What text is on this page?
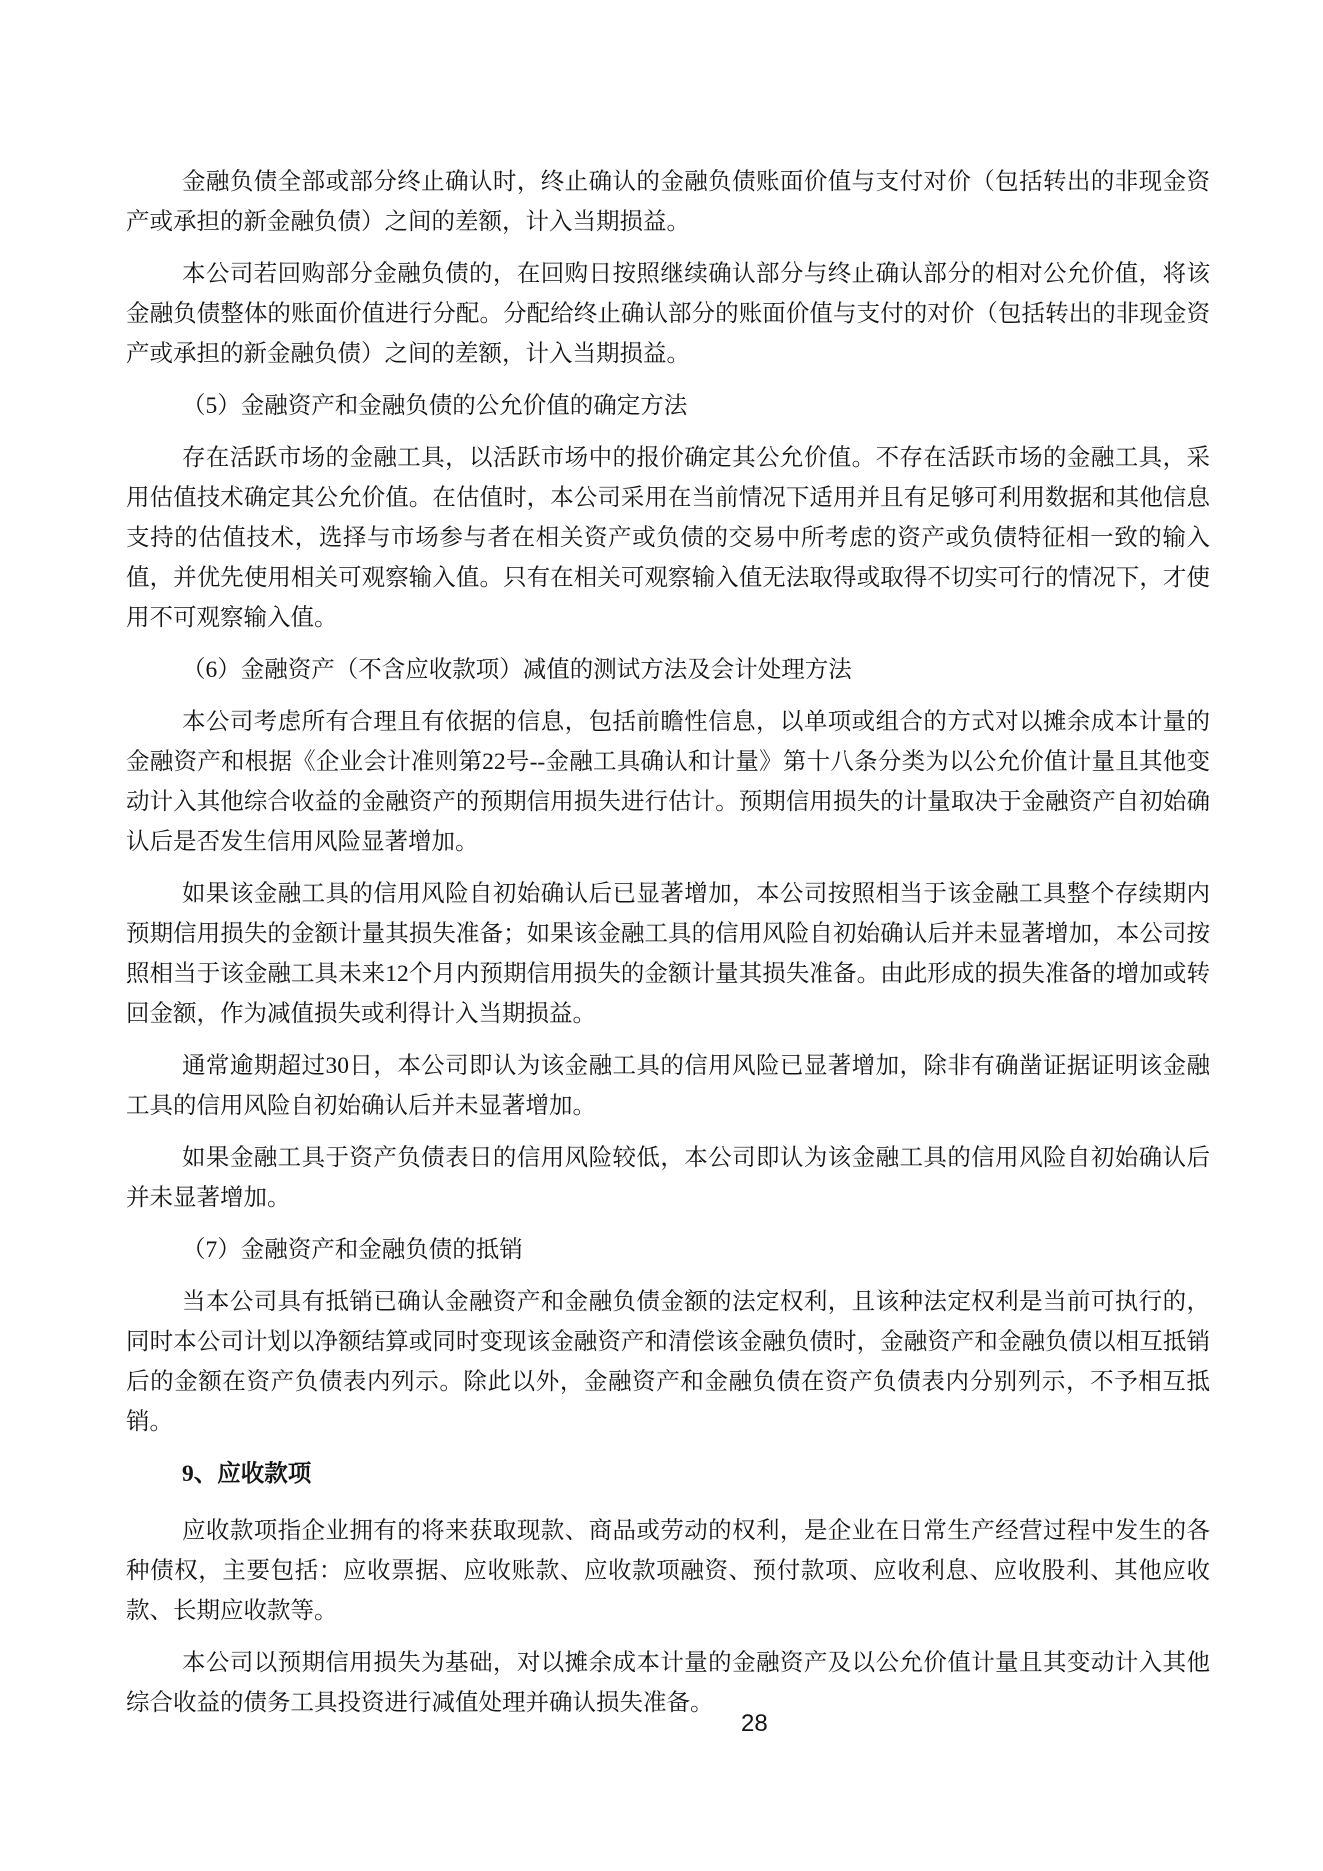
金融负债全部或部分终止确认时，终止确认的金融负债账面价值与支付对价（包括转出的非现金资产或承担的新金融负债）之间的差额，计入当期损益。

本公司若回购部分金融负债的，在回购日按照继续确认部分与终止确认部分的相对公允价值，将该金融负债整体的账面价值进行分配。分配给终止确认部分的账面价值与支付的对价（包括转出的非现金资产或承担的新金融负债）之间的差额，计入当期损益。

（5）金融资产和金融负债的公允价值的确定方法

存在活跃市场的金融工具，以活跃市场中的报价确定其公允价值。不存在活跃市场的金融工具，采用估值技术确定其公允价值。在估值时，本公司采用在当前情况下适用并且有足够可利用数据和其他信息支持的估值技术，选择与市场参与者在相关资产或负债的交易中所考虑的资产或负债特征相一致的输入值，并优先使用相关可观察输入值。只有在相关可观察输入值无法取得或取得不切实可行的情况下，才使用不可观察输入值。

（6）金融资产（不含应收款项）减值的测试方法及会计处理方法

本公司考虑所有合理且有依据的信息，包括前瞻性信息，以单项或组合的方式对以摊余成本计量的金融资产和根据《企业会计准则第22号--金融工具确认和计量》第十八条分类为以公允价值计量且其他变动计入其他综合收益的金融资产的预期信用损失进行估计。预期信用损失的计量取决于金融资产自初始确认后是否发生信用风险显著增加。

如果该金融工具的信用风险自初始确认后已显著增加，本公司按照相当于该金融工具整个存续期内预期信用损失的金额计量其损失准备；如果该金融工具的信用风险自初始确认后并未显著增加，本公司按照相当于该金融工具未来12个月内预期信用损失的金额计量其损失准备。由此形成的损失准备的增加或转回金额，作为减值损失或利得计入当期损益。

通常逾期超过30日，本公司即认为该金融工具的信用风险已显著增加，除非有确凿证据证明该金融工具的信用风险自初始确认后并未显著增加。

如果金融工具于资产负债表日的信用风险较低，本公司即认为该金融工具的信用风险自初始确认后并未显著增加。

（7）金融资产和金融负债的抵销

当本公司具有抵销已确认金融资产和金融负债金额的法定权利，且该种法定权利是当前可执行的，同时本公司计划以净额结算或同时变现该金融资产和清偿该金融负债时，金融资产和金融负债以相互抵销后的金额在资产负债表内列示。除此以外，金融资产和金融负债在资产负债表内分别列示，不予相互抵销。

9、应收款项

应收款项指企业拥有的将来获取现款、商品或劳动的权利，是企业在日常生产经营过程中发生的各种债权，主要包括：应收票据、应收账款、应收款项融资、预付款项、应收利息、应收股利、其他应收款、长期应收款等。

本公司以预期信用损失为基础，对以摊余成本计量的金融资产及以公允价值计量且其变动计入其他综合收益的债务工具投资进行减值处理并确认损失准备。

28
